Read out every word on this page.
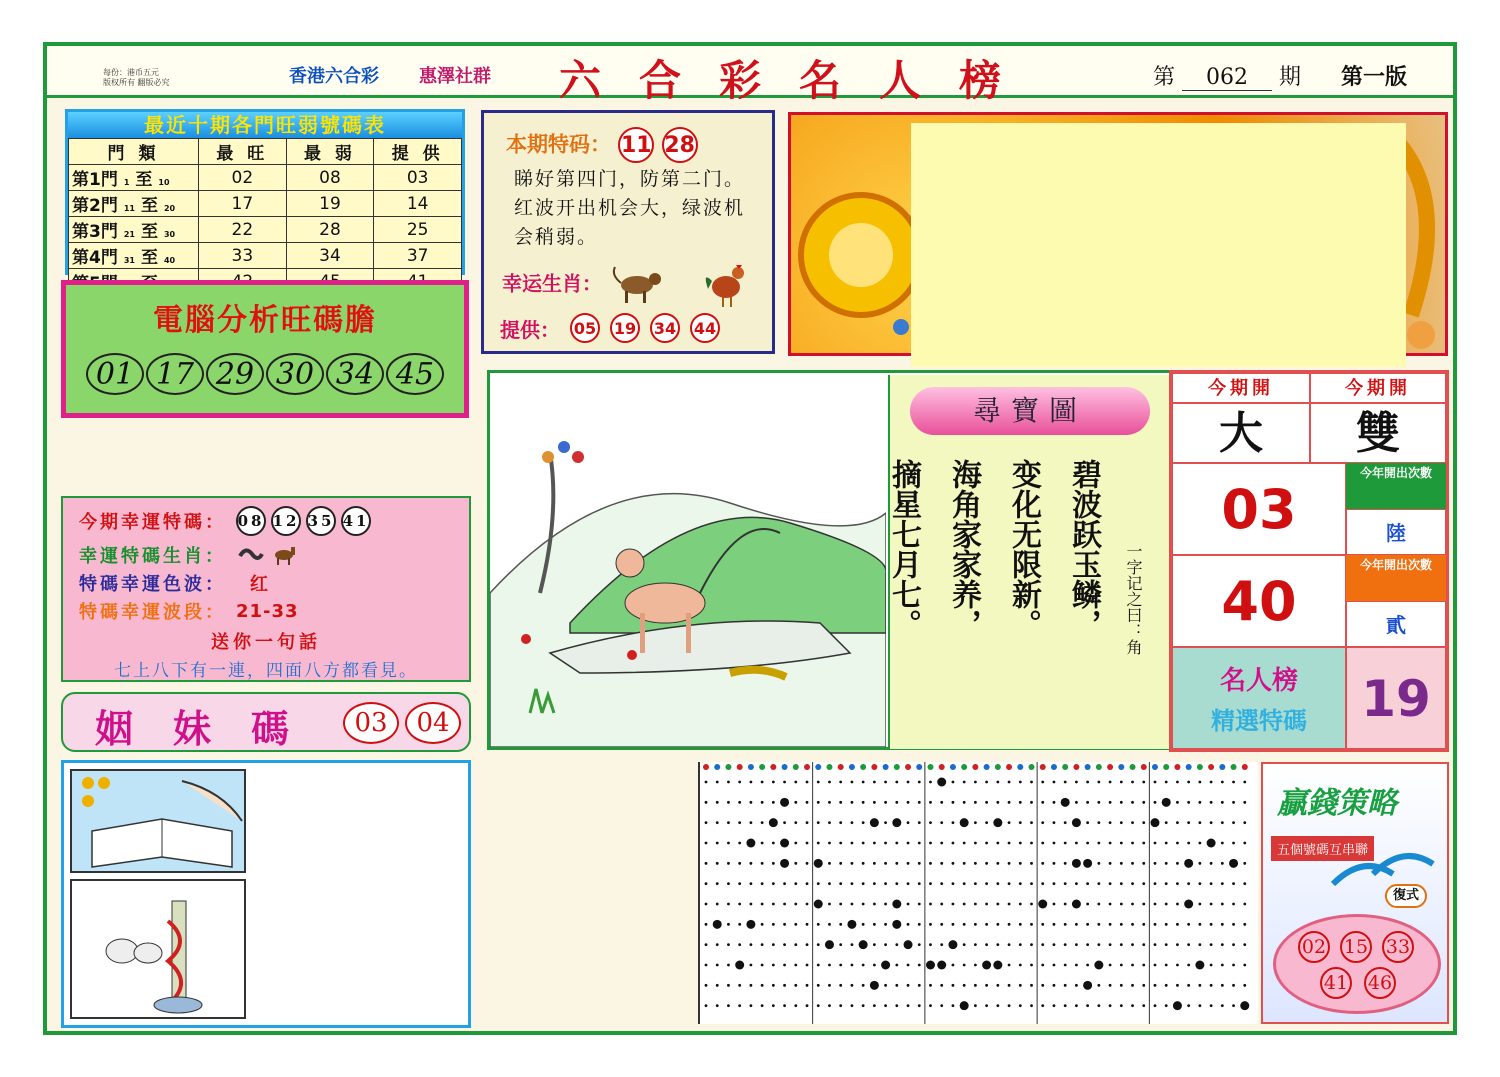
每份：港币五元
版权所有 翻版必究	香港六合彩 惠澤社群 六合彩名人榜	第 062 期 第一版
最近十期各門旺弱號碼表
門 類	最 旺	最 弱	提 供
第1門 1 至 10	02	08	03
第2門 11 至 20	17	19	14
第3門 21 至 30	22	28	25
第4門 31 至 40	33	34	37

電腦分析旺碼膽
01 17 29 30 34 45
本期特码： 11 28
睇好第四门，防第二门。红波开出机会大，绿波机会稍弱。
幸运生肖：
提供： 05 19 34 44
今期幸運特碼： 08 12 35 41
幸運特碼生肖：
特碼幸運色波： 红
特碼幸運波段： 21-33
送你一句話
七上八下有一連，四面八方都看見。
姻妹碼 03	04
尋寶圖
碧波跃玉鳞，
变化无限新。
海角家家养，
摘星七月七。	一字记之曰：角
今期開	今期開
大	雙
03
今年開出次數
陸
40
今年開出次數
貳
名人榜
精選特碼	19
贏錢策略
五個號碼互串聯
復式
02 15 33
41 46
